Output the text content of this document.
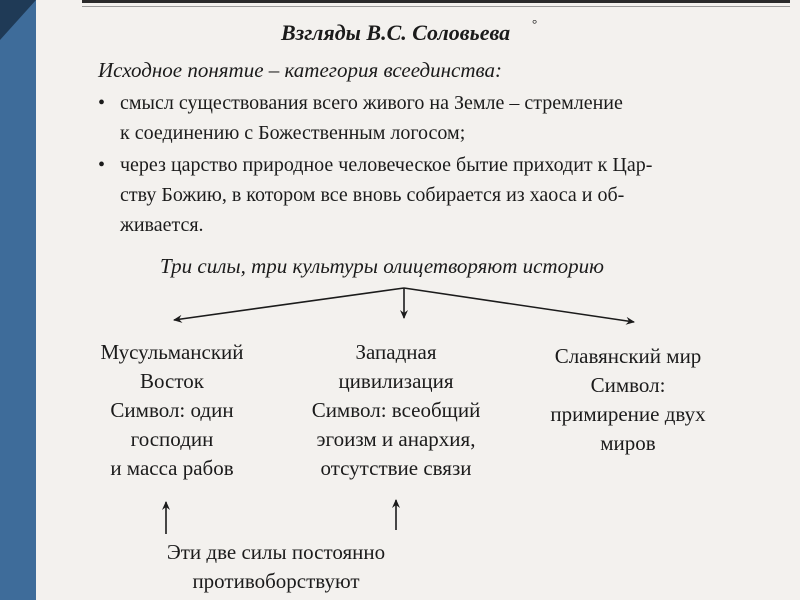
Взгляды В.С. Соловьева °
Исходное понятие – категория всеединства:
• смысл существования всего живого на Земле – стремление
к соединению с Божественным логосом;
• через царство природное человеческое бытие приходит к Цар-
ству Божию, в котором все вновь собирается из хаоса и об-
живается.
Три силы, три культуры олицетворяют историю
Мусульманский
Восток
Символ: один
господин
и масса рабов
Западная
цивилизация
Символ: всеобщий
эгоизм и анархия,
отсутствие связи
Славянский мир
Символ:
примирение двух
миров
Эти две силы постоянно
противоборствуют
